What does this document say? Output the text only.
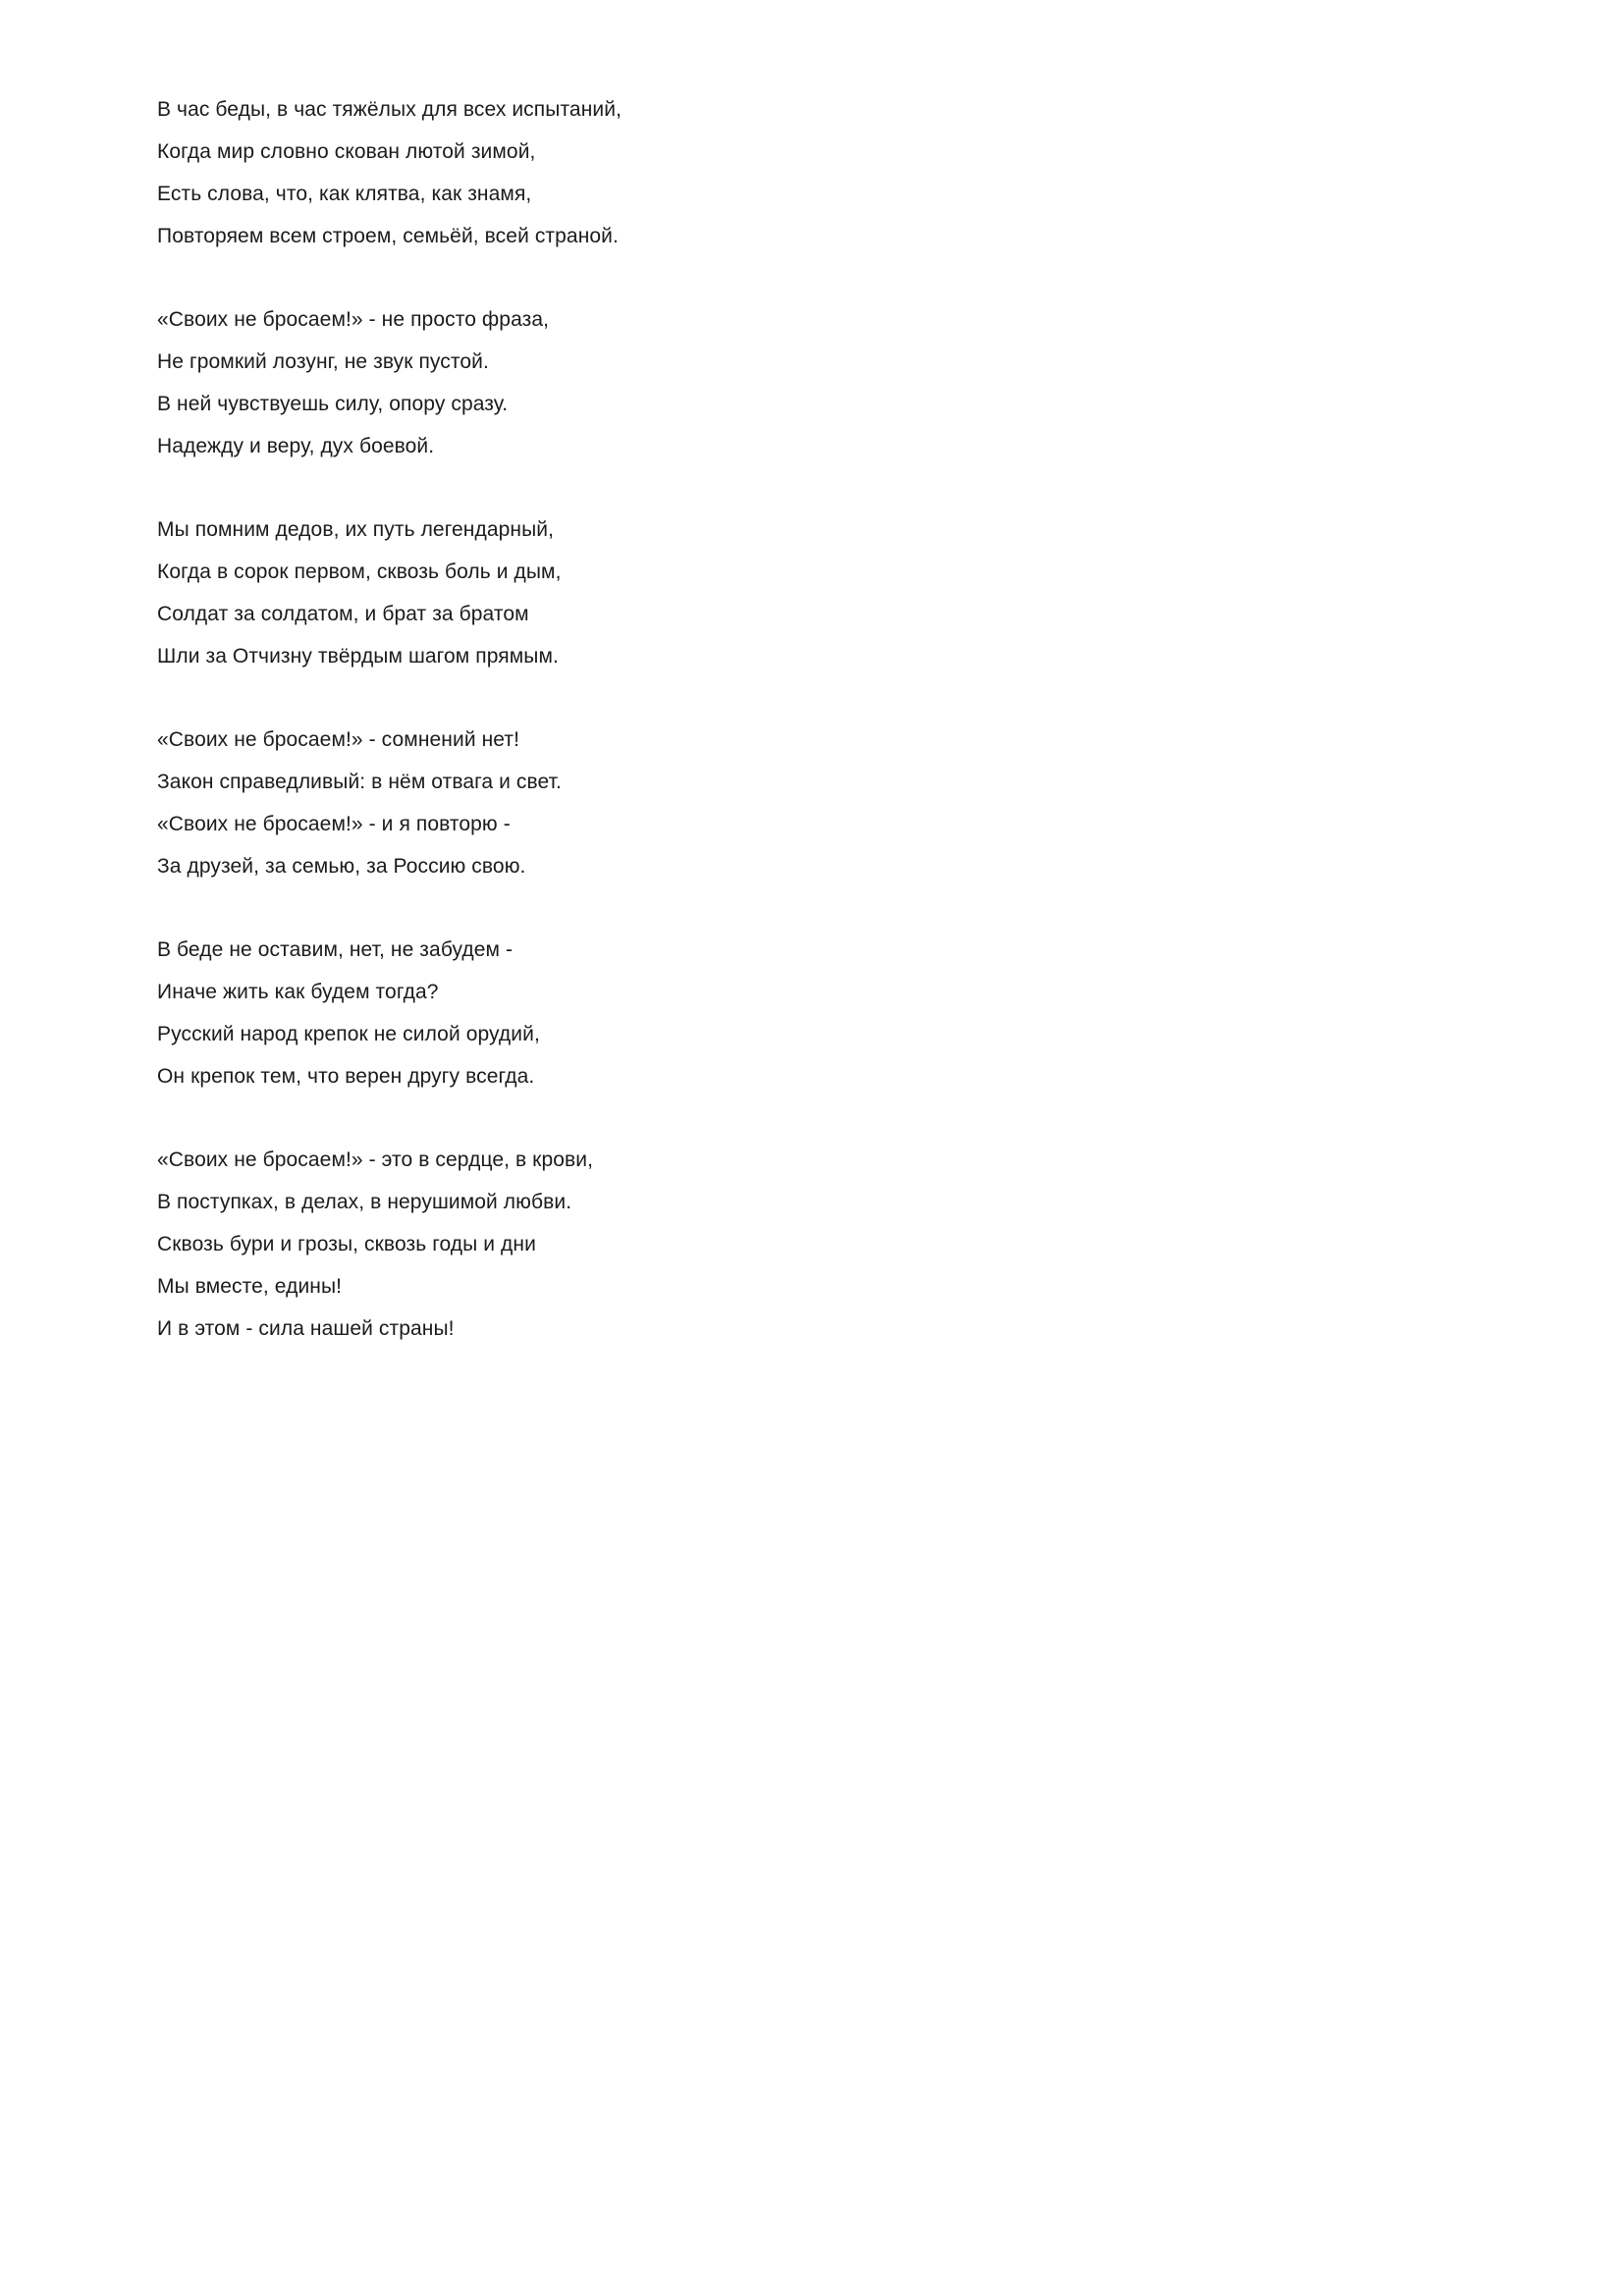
В час беды, в час тяжёлых для всех испытаний,

Когда мир словно скован лютой зимой,

Есть слова, что, как клятва, как знамя,

Повторяем всем строем, семьёй, всей страной.

«Своих не бросаем!» - не просто фраза,

Не громкий лозунг, не звук пустой.

В ней чувствуешь силу, опору сразу.

Надежду и веру, дух боевой.

Мы помним дедов, их путь легендарный,

Когда в сорок первом, сквозь боль и дым,

Солдат за солдатом, и брат за братом

Шли за Отчизну твёрдым шагом прямым.

«Своих не бросаем!» - сомнений нет!

Закон справедливый: в нём отвага и свет.

«Своих не бросаем!» - и я повторю -

За друзей, за семью, за Россию свою.

В беде не оставим, нет, не забудем -

Иначе жить как будем тогда?

Русский народ крепок не силой орудий,

Он крепок тем, что верен другу всегда.

«Своих не бросаем!» - это в сердце, в крови,

В поступках, в делах, в нерушимой любви.

Сквозь бури и грозы, сквозь годы и дни

Мы вместе, едины!

И в этом - сила нашей страны!
